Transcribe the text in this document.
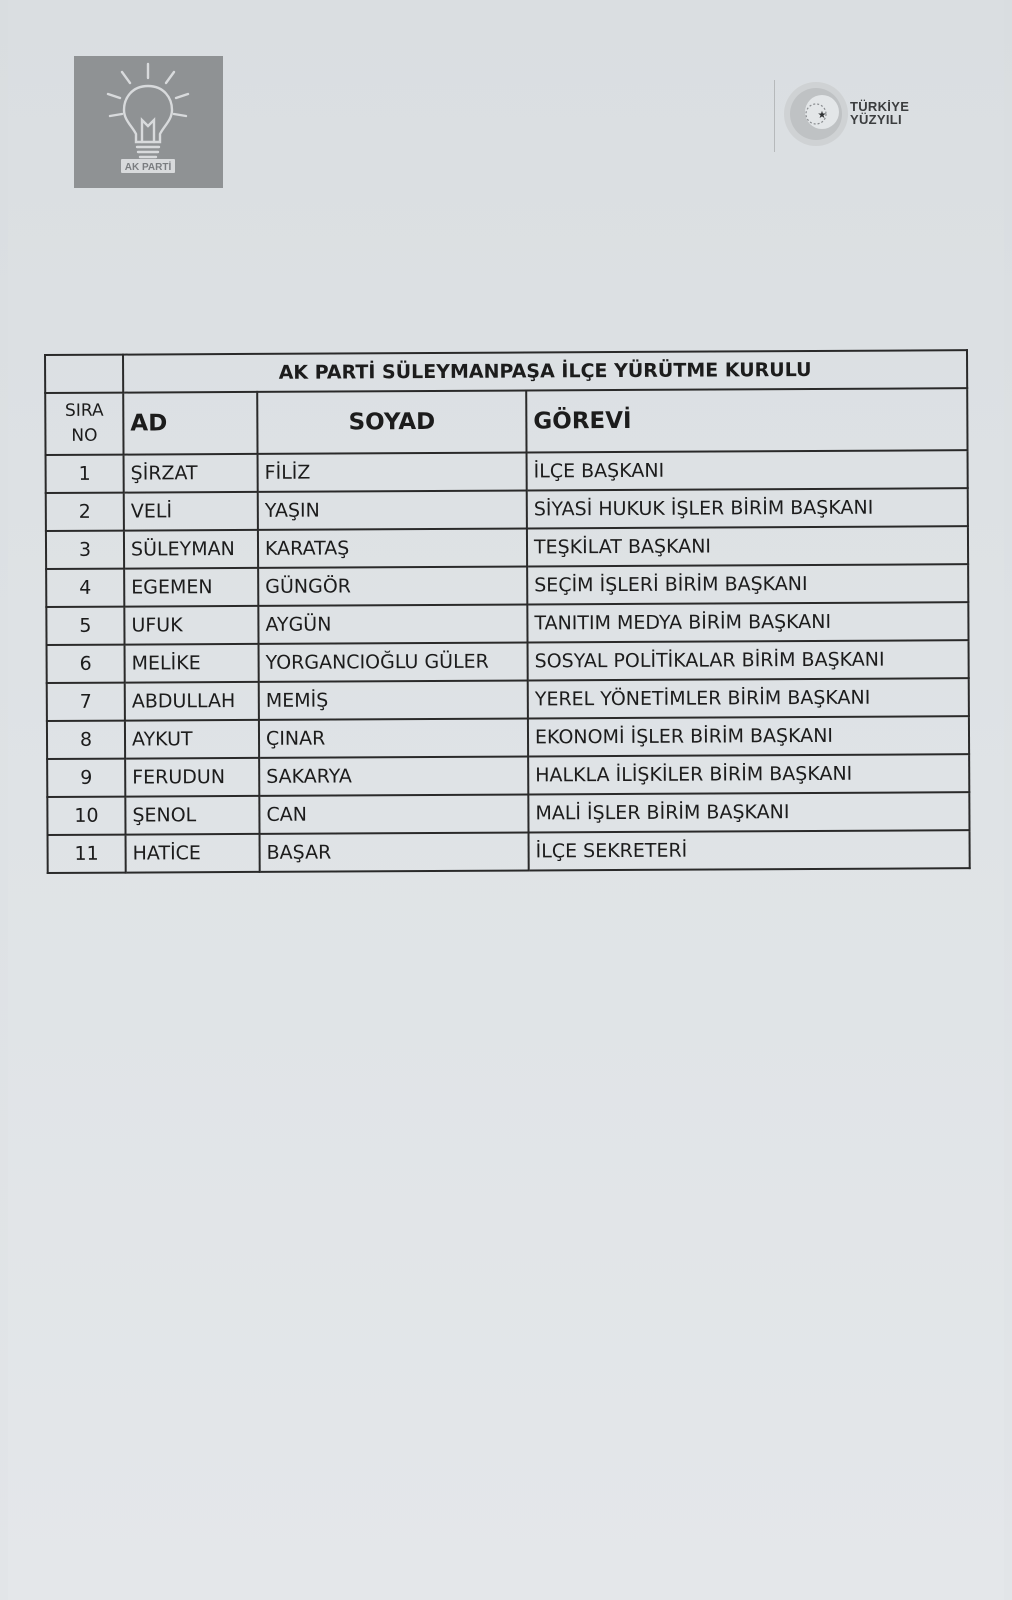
AK PARTİ
★
TÜRKİYE
YÜZYILI
	AK PARTİ SÜLEYMANPAŞA İLÇE YÜRÜTME KURULU		
SIRA
NO	AD	SOYAD	GÖREVİ
1	ŞİRZAT	FİLİZ	İLÇE BAŞKANI
2	VELİ	YAŞIN	SİYASİ HUKUK İŞLER BİRİM BAŞKANI
3	SÜLEYMAN	KARATAŞ	TEŞKİLAT BAŞKANI
4	EGEMEN	GÜNGÖR	SEÇİM İŞLERİ BİRİM BAŞKANI
5	UFUK	AYGÜN	TANITIM MEDYA BİRİM BAŞKANI
6	MELİKE	YORGANCIOĞLU GÜLER	SOSYAL POLİTİKALAR BİRİM BAŞKANI
7	ABDULLAH	MEMİŞ	YEREL YÖNETİMLER BİRİM BAŞKANI
8	AYKUT	ÇINAR	EKONOMİ İŞLER BİRİM BAŞKANI
9	FERUDUN	SAKARYA	HALKLA İLİŞKİLER BİRİM BAŞKANI
10	ŞENOL	CAN	MALİ İŞLER BİRİM BAŞKANI
11	HATİCE	BAŞAR	İLÇE SEKRETERİ
